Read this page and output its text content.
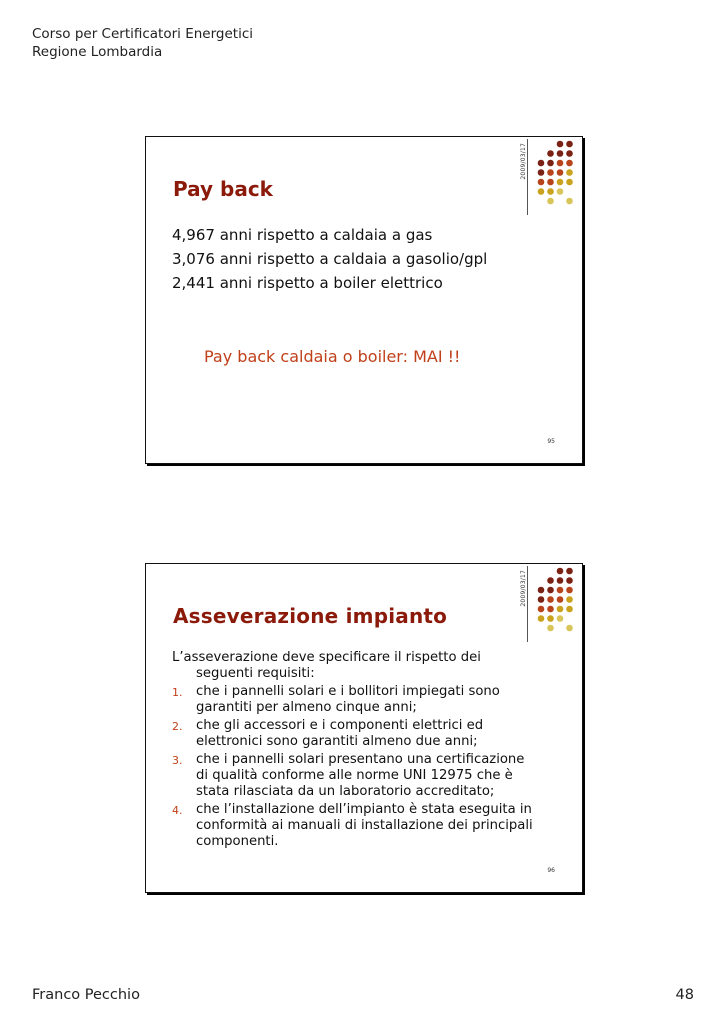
Corso per Certificatori Energetici
Regione Lombardia
2009/03/17
Pay back
4,967 anni rispetto a caldaia a gas
3,076 anni rispetto a caldaia a gasolio/gpl
2,441 anni rispetto a boiler elettrico
Pay back caldaia o boiler: MAI !!
95
2009/03/17
Asseverazione impianto
L’asseverazione deve specificare il rispetto dei
seguenti requisiti:
1. che i pannelli solari e i bollitori impiegati sono
garantiti per almeno cinque anni;
2. che gli accessori e i componenti elettrici ed
elettronici sono garantiti almeno due anni;
3. che i pannelli solari presentano una certificazione
di qualità conforme alle norme UNI 12975 che è
stata rilasciata da un laboratorio accreditato;
4. che l’installazione dell’impianto è stata eseguita in
conformità ai manuali di installazione dei principali
componenti.
96
Franco Pecchio	48
